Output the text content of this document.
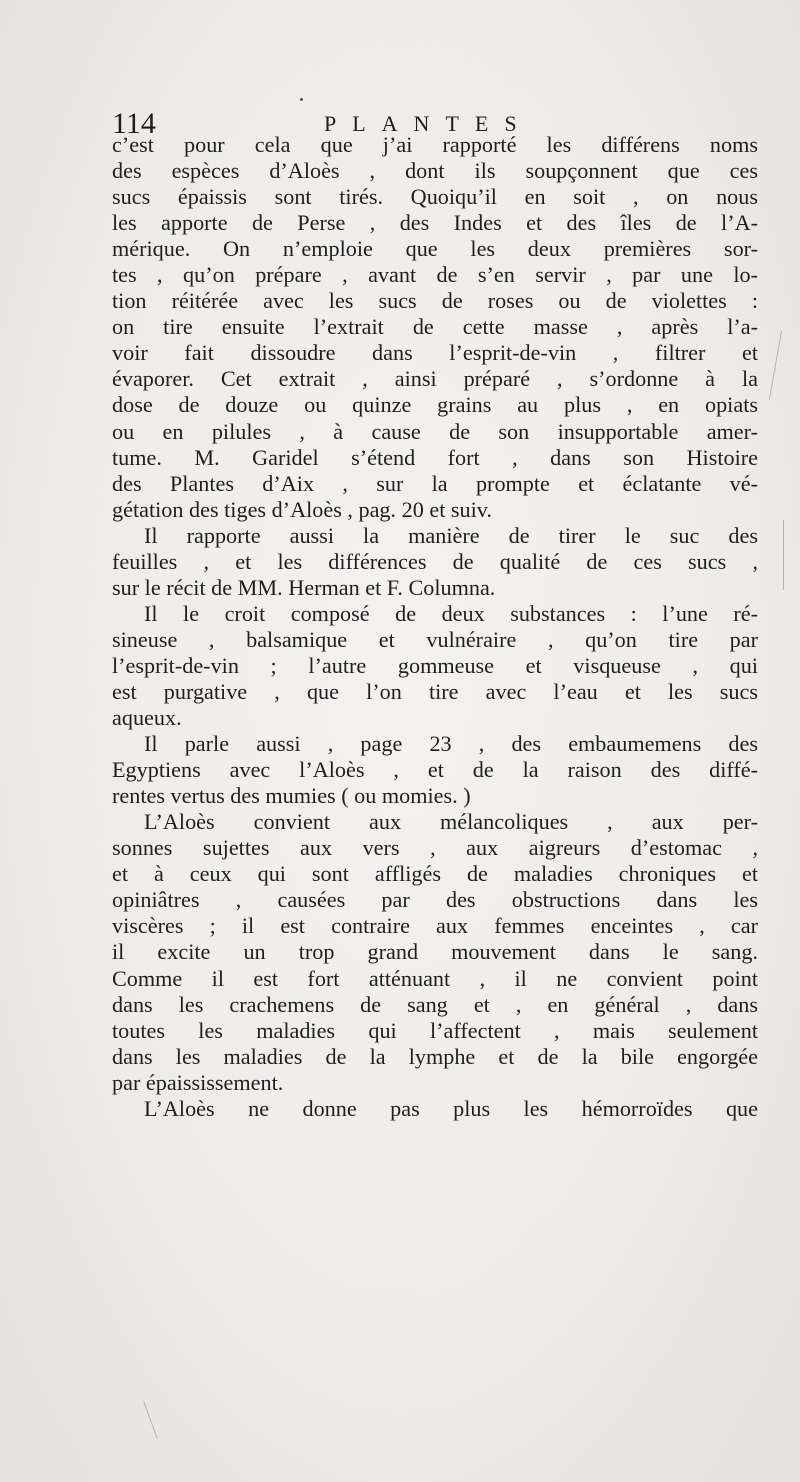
114	PLANTES
c’est pour cela que j’ai rapporté les différens noms
des espèces d’Aloès , dont ils soupçonnent que ces
sucs épaissis sont tirés. Quoiqu’il en soit , on nous
les apporte de Perse , des Indes et des îles de l’A-
mérique. On n’emploie que les deux premières sor-
tes , qu’on prépare , avant de s’en servir , par une lo-
tion réitérée avec les sucs de roses ou de violettes :
on tire ensuite l’extrait de cette masse , après l’a-
voir fait dissoudre dans l’esprit-de-vin , filtrer et
évaporer. Cet extrait , ainsi préparé , s’ordonne à la
dose de douze ou quinze grains au plus , en opiats
ou en pilules , à cause de son insupportable amer-
tume. M. Garidel s’étend fort , dans son Histoire
des Plantes d’Aix , sur la prompte et éclatante vé-
gétation des tiges d’Aloès , pag. 20 et suiv.
Il rapporte aussi la manière de tirer le suc des
feuilles , et les différences de qualité de ces sucs ,
sur le récit de MM. Herman et F. Columna.
Il le croit composé de deux substances : l’une ré-
sineuse , balsamique et vulnéraire , qu’on tire par
l’esprit-de-vin ; l’autre gommeuse et visqueuse , qui
est purgative , que l’on tire avec l’eau et les sucs
aqueux.
Il parle aussi , page 23 , des embaumemens des
Egyptiens avec l’Aloès , et de la raison des diffé-
rentes vertus des mumies ( ou momies. )
L’Aloès convient aux mélancoliques , aux per-
sonnes sujettes aux vers , aux aigreurs d’estomac ,
et à ceux qui sont affligés de maladies chroniques et
opiniâtres , causées par des obstructions dans les
viscères ; il est contraire aux femmes enceintes , car
il excite un trop grand mouvement dans le sang.
Comme il est fort atténuant , il ne convient point
dans les crachemens de sang et , en général , dans
toutes les maladies qui l’affectent , mais seulement
dans les maladies de la lymphe et de la bile engorgée
par épaississement.
L’Aloès ne donne pas plus les hémorroïdes que
